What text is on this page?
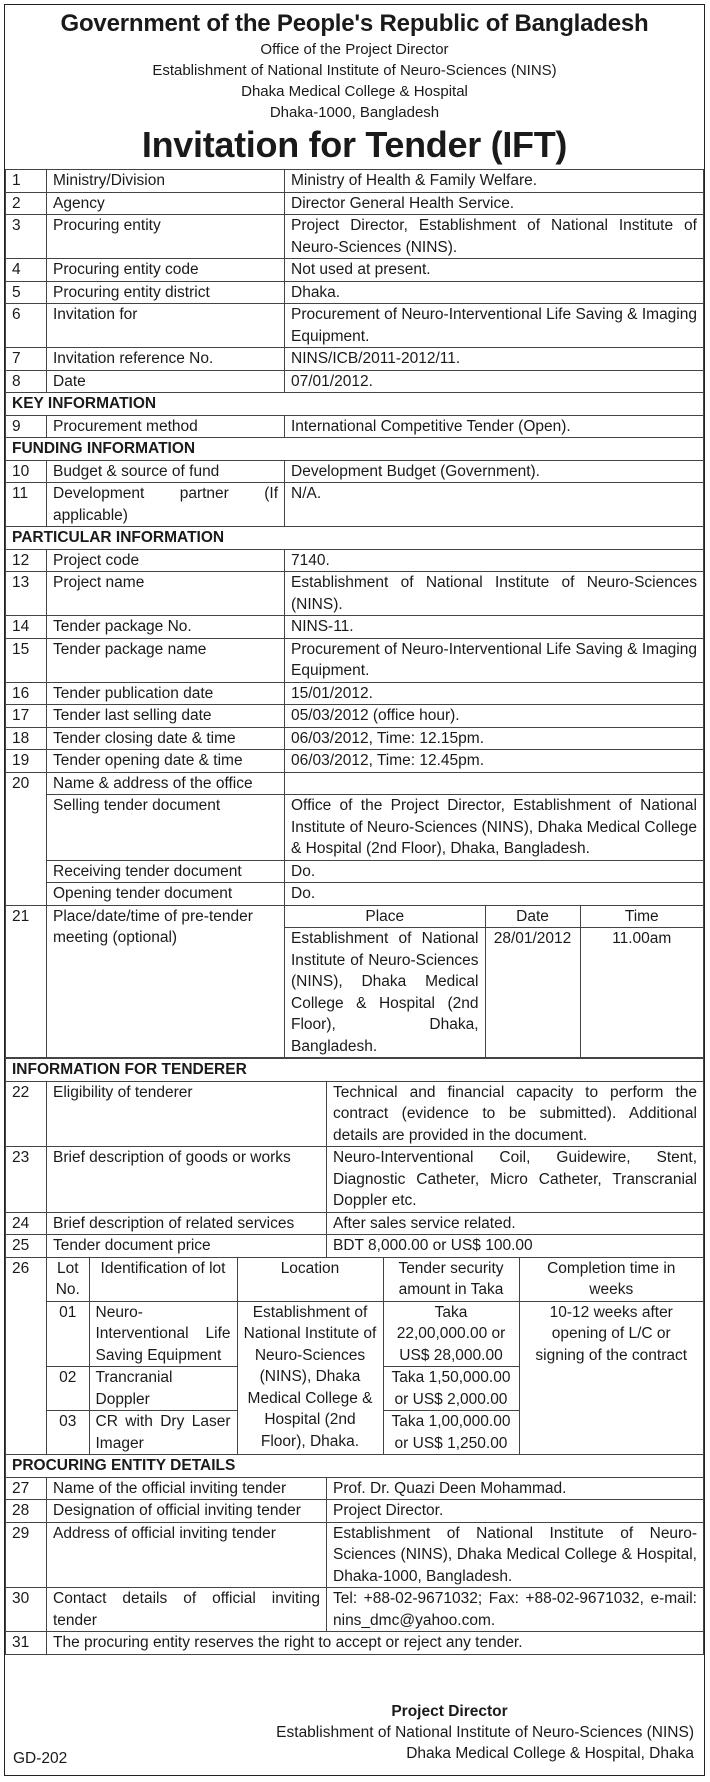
Government of the People's Republic of Bangladesh
Office of the Project Director
Establishment of National Institute of Neuro-Sciences (NINS)
Dhaka Medical College & Hospital
Dhaka-1000, Bangladesh
Invitation for Tender (IFT)
1	Ministry/Division	Ministry of Health & Family Welfare.
2	Agency	Director General Health Service.
3	Procuring entity	Project Director, Establishment of National Institute of Neuro-Sciences (NINS).
4	Procuring entity code	Not used at present.
5	Procuring entity district	Dhaka.
6	Invitation for	Procurement of Neuro-Interventional Life Saving & Imaging Equipment.
7	Invitation reference No.	NINS/ICB/2011-2012/11.
8	Date	07/01/2012.
KEY INFORMATION
9	Procurement method	International Competitive Tender (Open).
FUNDING INFORMATION
10	Budget & source of fund	Development Budget (Government).
11	Development partner (If applicable)	N/A.
PARTICULAR INFORMATION
12	Project code	7140.
13	Project name	Establishment of National Institute of Neuro-Sciences (NINS).
14	Tender package No.	NINS-11.
15	Tender package name	Procurement of Neuro-Interventional Life Saving & Imaging Equipment.
16	Tender publication date	15/01/2012.
17	Tender last selling date	05/03/2012 (office hour).
18	Tender closing date & time	06/03/2012, Time: 12.15pm.
19	Tender opening date & time	06/03/2012, Time: 12.45pm.
20	Name & address of the office	
Selling tender document	Office of the Project Director, Establishment of National Institute of Neuro-Sciences (NINS), Dhaka Medical College & Hospital (2nd Floor), Dhaka, Bangladesh.
Receiving tender document	Do.
Opening tender document	Do.
21	Place/date/time of pre-tender meeting (optional)	
Place	Date	Time
Establishment of National Institute of Neuro-Sciences (NINS), Dhaka Medical College & Hospital (2nd Floor), Dhaka, Bangladesh.	28/01/2012	11.00am
INFORMATION FOR TENDERER
22	Eligibility of tenderer	Technical and financial capacity to perform the contract (evidence to be submitted). Additional details are provided in the document.
23	Brief description of goods or works	Neuro-Interventional Coil, Guidewire, Stent, Diagnostic Catheter, Micro Catheter, Transcranial Doppler etc.
24	Brief description of related services	After sales service related.
25	Tender document price	BDT 8,000.00 or US$ 100.00
26	Lot No.	Identification of lot	Location	Tender security amount in Taka	Completion time in weeks
01	Neuro-Interventional Life Saving Equipment	Establishment of National Institute of Neuro-Sciences (NINS), Dhaka Medical College & Hospital (2nd Floor), Dhaka.	Taka 22,00,000.00 or US$ 28,000.00	10-12 weeks after opening of L/C or signing of the contract
02	Trancranial Doppler	Taka 1,50,000.00 or US$ 2,000.00
03	CR with Dry Laser Imager	Taka 1,00,000.00 or US$ 1,250.00

PROCURING ENTITY DETAILS
27	Name of the official inviting tender	Prof. Dr. Quazi Deen Mohammad.
28	Designation of official inviting tender	Project Director.
29	Address of official inviting tender	Establishment of National Institute of Neuro-Sciences (NINS), Dhaka Medical College & Hospital, Dhaka-1000, Bangladesh.
30	Contact details of official inviting tender	Tel: +88-02-9671032; Fax: +88-02-9671032, e-mail: nins_dmc@yahoo.com.
31	The procuring entity reserves the right to accept or reject any tender.
Project Director
Establishment of National Institute of Neuro-Sciences (NINS)
Dhaka Medical College & Hospital, Dhaka
GD-202
